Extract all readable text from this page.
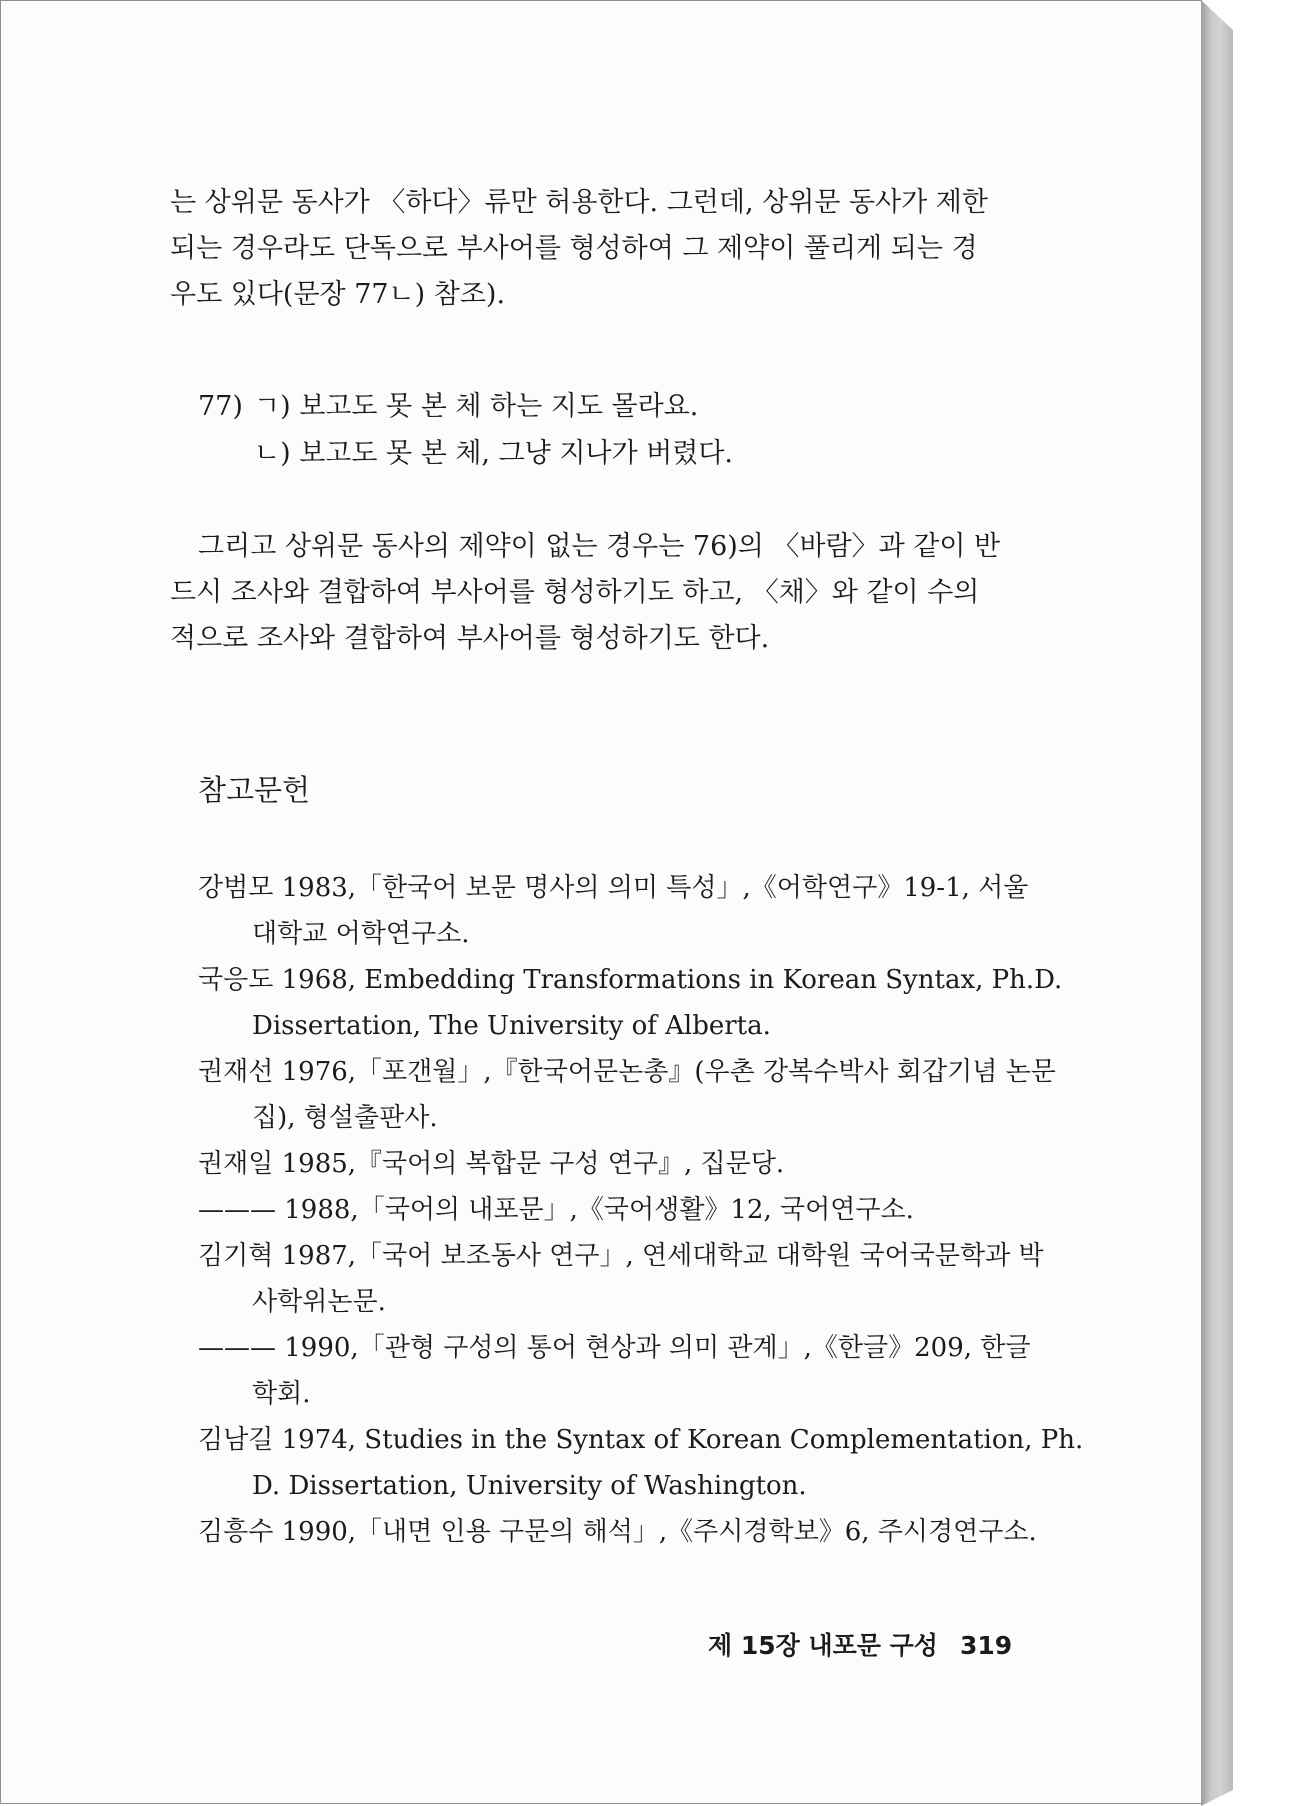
는 상위문 동사가 〈하다〉류만 허용한다. 그런데, 상위문 동사가 제한
되는 경우라도 단독으로 부사어를 형성하여 그 제약이 풀리게 되는 경
우도 있다(문장 77ㄴ) 참조).
77) ㄱ) 보고도 못 본 체 하는 지도 몰라요.
ㄴ) 보고도 못 본 체, 그냥 지나가 버렸다.
그리고 상위문 동사의 제약이 없는 경우는 76)의 〈바람〉과 같이 반
드시 조사와 결합하여 부사어를 형성하기도 하고, 〈채〉와 같이 수의
적으로 조사와 결합하여 부사어를 형성하기도 한다.
참고문헌
강범모 1983,「한국어 보문 명사의 의미 특성」,《어학연구》19-1, 서울
대학교 어학연구소.
국응도 1968, Embedding Transformations in Korean Syntax, Ph.D.
Dissertation, The University of Alberta.
권재선 1976,「포갠월」,『한국어문논총』(우촌 강복수박사 회갑기념 논문
집), 형설출판사.
권재일 1985,『국어의 복합문 구성 연구』, 집문당.
——— 1988,「국어의 내포문」,《국어생활》12, 국어연구소.
김기혁 1987,「국어 보조동사 연구」, 연세대학교 대학원 국어국문학과 박
사학위논문.
——— 1990,「관형 구성의 통어 현상과 의미 관계」,《한글》209, 한글
학회.
김남길 1974, Studies in the Syntax of Korean Complementation, Ph.
D. Dissertation, University of Washington.
김흥수 1990,「내면 인용 구문의 해석」,《주시경학보》6, 주시경연구소.
제 15장 내포문 구성 319
